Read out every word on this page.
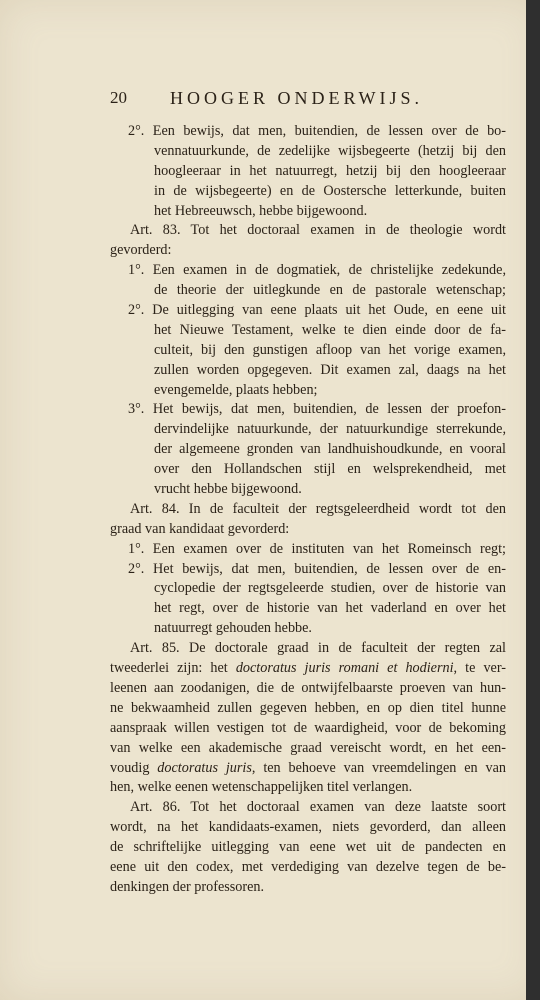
20 HOOGER ONDERWIJS.
2°. Een bewijs, dat men, buitendien, de lessen over de bo-
vennatuurkunde, de zedelijke wijsbegeerte (hetzij bij den
hoogleeraar in het natuurregt, hetzij bij den hoogleeraar
in de wijsbegeerte) en de Oostersche letterkunde, buiten
het Hebreeuwsch, hebbe bijgewoond.
Art. 83. Tot het doctoraal examen in de theologie wordt
gevorderd:
1°. Een examen in de dogmatiek, de christelijke zedekunde,
de theorie der uitlegkunde en de pastorale wetenschap;
2°. De uitlegging van eene plaats uit het Oude, en eene uit
het Nieuwe Testament, welke te dien einde door de fa-
culteit, bij den gunstigen afloop van het vorige examen,
zullen worden opgegeven. Dit examen zal, daags na het
evengemelde, plaats hebben;
3°. Het bewijs, dat men, buitendien, de lessen der proefon-
dervindelijke natuurkunde, der natuurkundige sterrekunde,
der algemeene gronden van landhuishoudkunde, en vooral
over den Hollandschen stijl en welsprekendheid, met
vrucht hebbe bijgewoond.
Art. 84. In de faculteit der regtsgeleerdheid wordt tot den
graad van kandidaat gevorderd:
1°. Een examen over de instituten van het Romeinsch regt;
2°. Het bewijs, dat men, buitendien, de lessen over de en-
cyclopedie der regtsgeleerde studien, over de historie van
het regt, over de historie van het vaderland en over het
natuurregt gehouden hebbe.
Art. 85. De doctorale graad in de faculteit der regten zal
tweederlei zijn: het doctoratus juris romani et hodierni, te ver-
leenen aan zoodanigen, die de ontwijfelbaarste proeven van hun-
ne bekwaamheid zullen gegeven hebben, en op dien titel hunne
aanspraak willen vestigen tot de waardigheid, voor de bekoming
van welke een akademische graad vereischt wordt, en het een-
voudig doctoratus juris, ten behoeve van vreemdelingen en van
hen, welke eenen wetenschappelijken titel verlangen.
Art. 86. Tot het doctoraal examen van deze laatste soort
wordt, na het kandidaats-examen, niets gevorderd, dan alleen
de schriftelijke uitlegging van eene wet uit de pandecten en
eene uit den codex, met verdediging van dezelve tegen de be-
denkingen der professoren.
